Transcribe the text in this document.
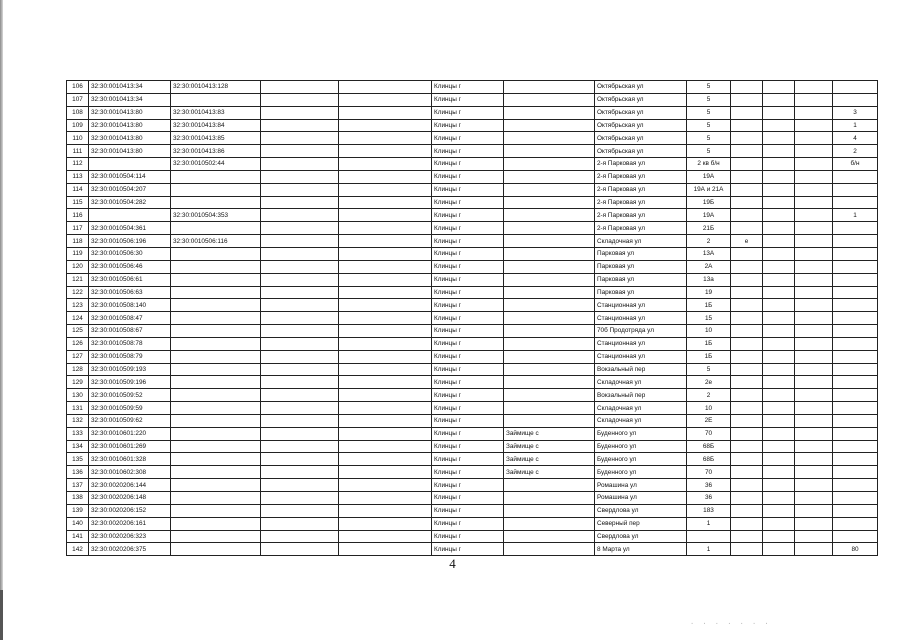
106	32:30:0010413:34	32:30:0010413:128			Клинцы г		Октябрьская ул	5				
107	32:30:0010413:34				Клинцы г		Октябрьская ул	5				
108	32:30:0010413:80	32:30:0010413:83			Клинцы г		Октябрьская ул	5				3
109	32:30:0010413:80	32:30:0010413:84			Клинцы г		Октябрьская ул	5				1
110	32:30:0010413:80	32:30:0010413:85			Клинцы г		Октябрьская ул	5				4
111	32:30:0010413:80	32:30:0010413:86			Клинцы г		Октябрьская ул	5				2
112		32:30:0010502:44			Клинцы г		2-я Парковая ул	2 кв б/н				б/н
113	32:30:0010504:114				Клинцы г		2-я Парковая ул	19А				
114	32:30:0010504:207				Клинцы г		2-я Парковая ул	19А и 21А				
115	32:30:0010504:282				Клинцы г		2-я Парковая ул	19Б				
116		32:30:0010504:353			Клинцы г		2-я Парковая ул	19А				1
117	32:30:0010504:361				Клинцы г		2-я Парковая ул	21Б				
118	32:30:0010506:196	32:30:0010506:116			Клинцы г		Складочная ул	2	е			
119	32:30:0010506:30				Клинцы г		Парковая ул	13А				
120	32:30:0010506:46				Клинцы г		Парковая ул	2А				
121	32:30:0010506:61				Клинцы г		Парковая ул	13а				
122	32:30:0010506:63				Клинцы г		Парковая ул	19				
123	32:30:0010508:140				Клинцы г		Станционная ул	1Б				
124	32:30:0010508:47				Клинцы г		Станционная ул	15				
125	32:30:0010508:67				Клинцы г		70б Продотряда ул	10				
126	32:30:0010508:78				Клинцы г		Станционная ул	1Б				
127	32:30:0010508:79				Клинцы г		Станционная ул	1Б				
128	32:30:0010509:193				Клинцы г		Вокзальный пер	5				
129	32:30:0010509:196				Клинцы г		Складочная ул	2е				
130	32:30:0010509:52				Клинцы г		Вокзальный пер	2				
131	32:30:0010509:59				Клинцы г		Складочная ул	10				
132	32:30:0010509:62				Клинцы г		Складочная ул	2Е				
133	32:30:0010601:220				Клинцы г	Займище с	Буденного ул	70				
134	32:30:0010601:269				Клинцы г	Займище с	Буденного ул	68Б				
135	32:30:0010601:328				Клинцы г	Займище с	Буденного ул	68Б				
136	32:30:0010602:308				Клинцы г	Займище с	Буденного ул	70				
137	32:30:0020206:144				Клинцы г		Ромашина ул	36				
138	32:30:0020206:148				Клинцы г		Ромашина ул	36				
139	32:30:0020206:152				Клинцы г		Свердлова ул	183				
140	32:30:0020206:161				Клинцы г		Северный пер	1				
141	32:30:0020206:323				Клинцы г		Свердлова ул					
142	32:30:0020206:375				Клинцы г		8 Марта ул	1				80
4
. . . . . . .
